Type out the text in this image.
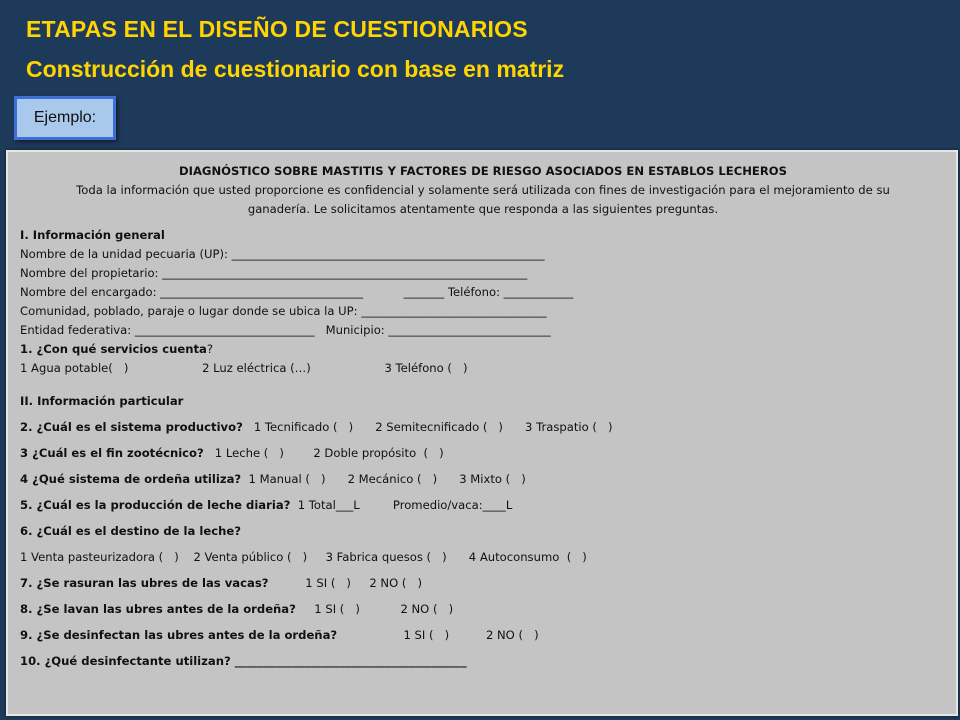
ETAPAS EN EL DISEÑO DE CUESTIONARIOS
Construcción de cuestionario con base en matriz
Ejemplo:
DIAGNÓSTICO SOBRE MASTITIS Y FACTORES DE RIESGO ASOCIADOS EN ESTABLOS LECHEROS
Toda la información que usted proporcione es confidencial y solamente será utilizada con fines de investigación para el mejoramiento de su
ganadería. Le solicitamos atentamente que responda a las siguientes preguntas.
I. Información general
Nombre de la unidad pecuaria (UP): ______________________________________________________
Nombre del propietario: _______________________________________________________________
Nombre del encargado: ___________________________________           _______ Teléfono: ____________
Comunidad, poblado, paraje o lugar donde se ubica la UP: ________________________________
Entidad federativa: _______________________________   Municipio: ____________________________
1. ¿Con qué servicios cuenta?
1 Agua potable(   )                    2 Luz eléctrica (…)                    3 Teléfono (   )
II. Información particular
2. ¿Cuál es el sistema productivo?   1 Tecnificado (   )      2 Semitecnificado (   )      3 Traspatio (   )
3 ¿Cuál es el fin zootécnico?   1 Leche (   )        2 Doble propósito  (   )
4 ¿Qué sistema de ordeña utiliza?  1 Manual (   )      2 Mecánico (   )      3 Mixto (   )
5. ¿Cuál es la producción de leche diaria?  1 Total___L         Promedio/vaca:____L
6. ¿Cuál es el destino de la leche?
1 Venta pasteurizadora (   )    2 Venta público (   )     3 Fabrica quesos (   )      4 Autoconsumo  (   )
7. ¿Se rasuran las ubres de las vacas?          1 SI (   )     2 NO (   )
8. ¿Se lavan las ubres antes de la ordeña?     1 SI (   )           2 NO (   )
9. ¿Se desinfectan las ubres antes de la ordeña?                  1 SI (   )          2 NO (   )
10. ¿Qué desinfectante utilizan? ________________________________________
